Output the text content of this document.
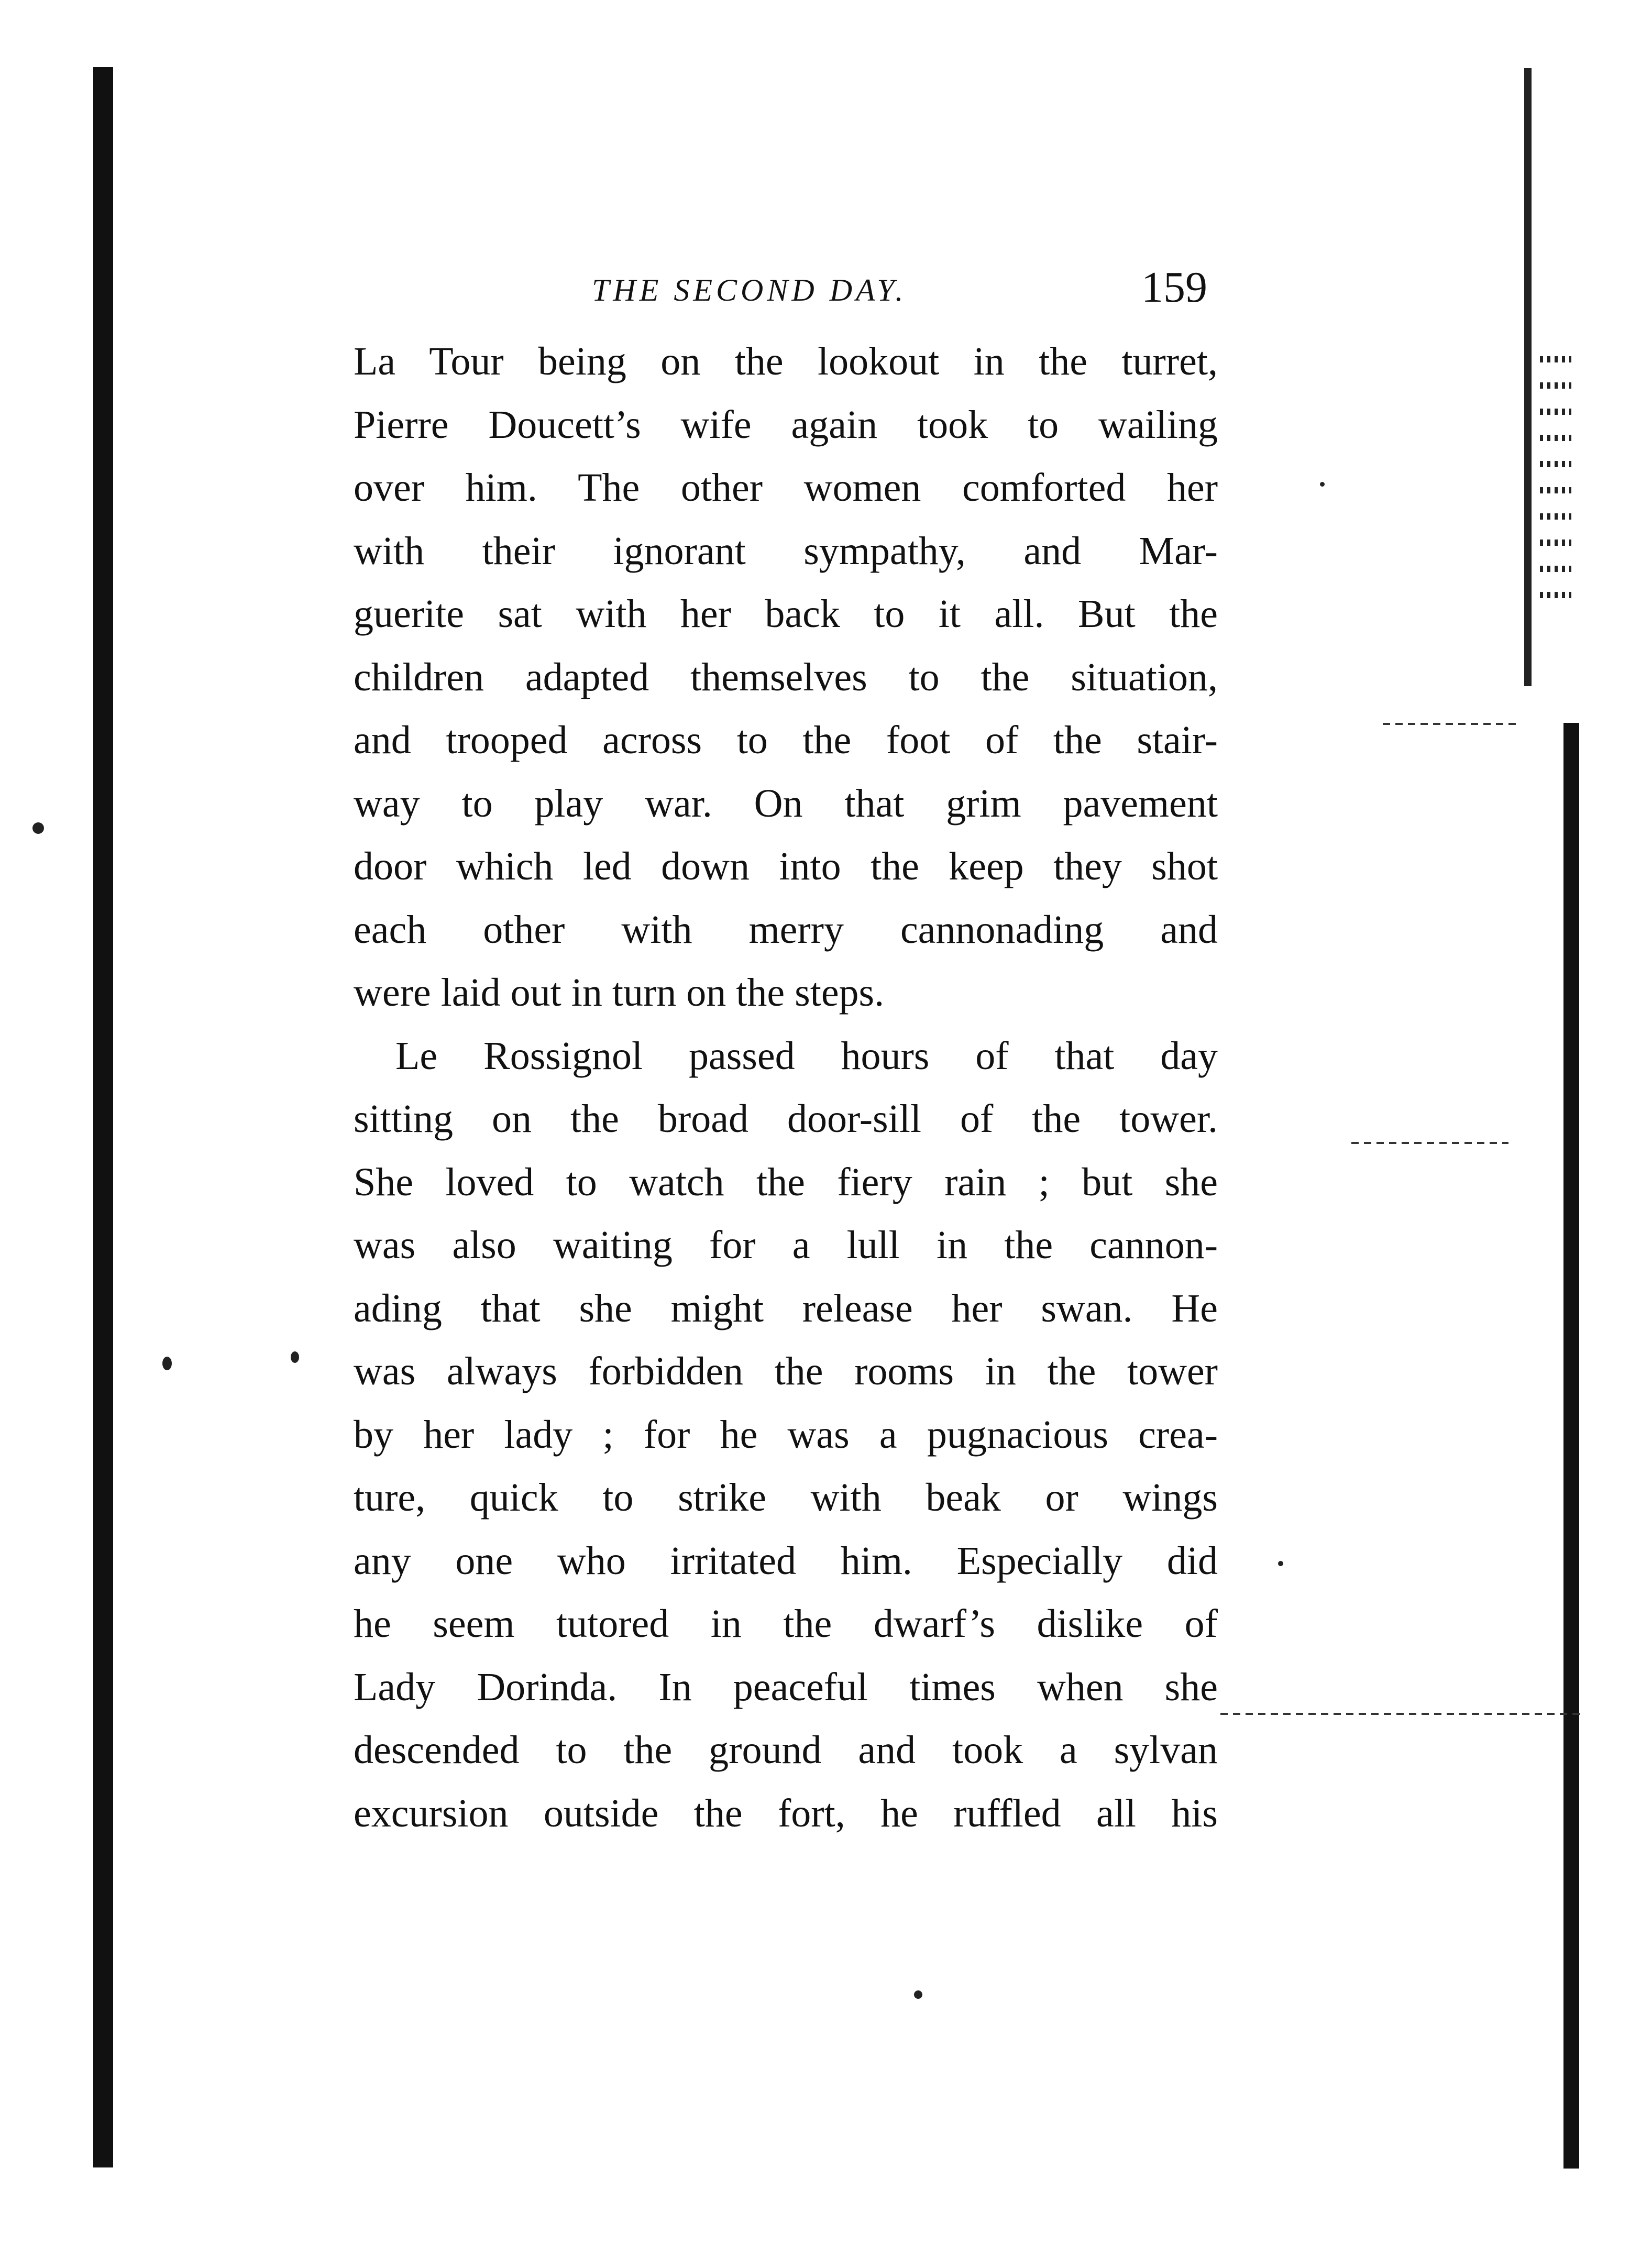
THE SECOND DAY.	159
La Tour being on the lookout in the turret,
Pierre Doucett’s wife again took to wailing
over him. The other women comforted her
with their ignorant sympathy, and Mar-
guerite sat with her back to it all. But the
children adapted themselves to the situation,
and trooped across to the foot of the stair-
way to play war. On that grim pavement
door which led down into the keep they shot
each other with merry cannonading and
were laid out in turn on the steps.
Le Rossignol passed hours of that day
sitting on the broad door-sill of the tower.
She loved to watch the fiery rain ; but she
was also waiting for a lull in the cannon-
ading that she might release her swan. He
was always forbidden the rooms in the tower
by her lady ; for he was a pugnacious crea-
ture, quick to strike with beak or wings
any one who irritated him. Especially did
he seem tutored in the dwarf’s dislike of
Lady Dorinda. In peaceful times when she
descended to the ground and took a sylvan
excursion outside the fort, he ruffled all his
